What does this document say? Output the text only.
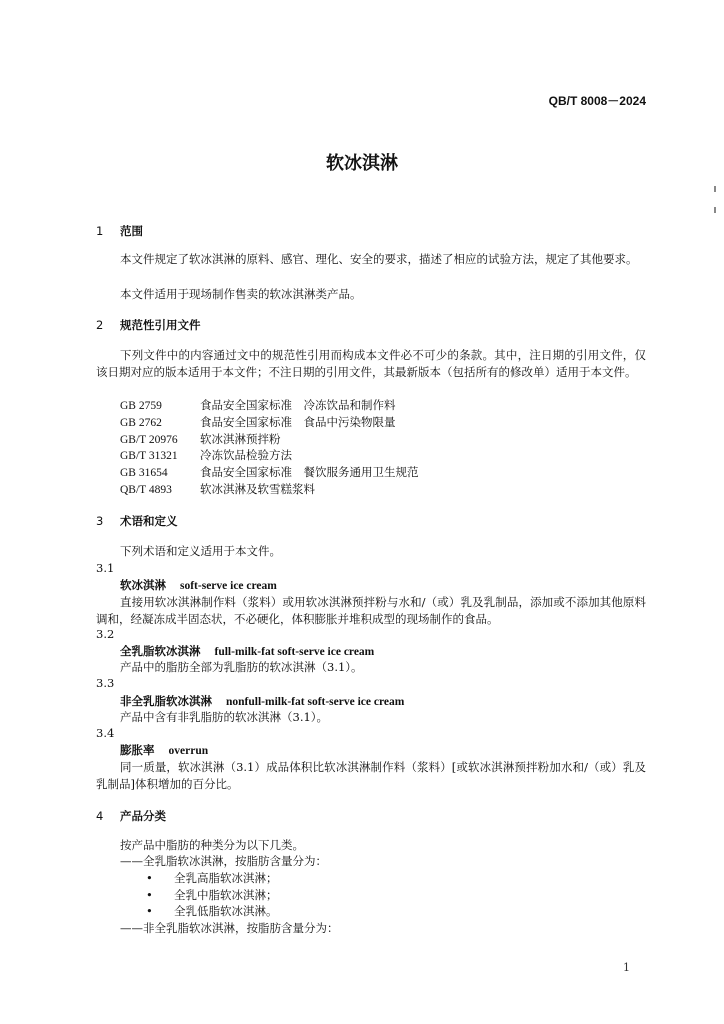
QB/T 8008－2024
软冰淇淋
1 范围

本文件规定了软冰淇淋的原料、感官、理化、安全的要求，描述了相应的试验方法，规定了其他要求。

本文件适用于现场制作售卖的软冰淇淋类产品。

2 规范性引用文件

下列文件中的内容通过文中的规范性引用而构成本文件必不可少的条款。其中，注日期的引用文件，仅该日期对应的版本适用于本文件；不注日期的引用文件，其最新版本（包括所有的修改单）适用于本文件。

GB 2759	食品安全国家标准　冷冻饮品和制作料
GB 2762	食品安全国家标准　食品中污染物限量
GB/T 20976 软冰淇淋预拌粉
GB/T 31321 冷冻饮品检验方法
GB 31654	食品安全国家标准　餐饮服务通用卫生规范
QB/T 4893 软冰淇淋及软雪糕浆料
3 术语和定义
下列术语和定义适用于本文件。
3.1
软冰淇淋 soft-serve ice cream

直接用软冰淇淋制作料（浆料）或用软冰淇淋预拌粉与水和/（或）乳及乳制品，添加或不添加其他原料调和，经凝冻成半固态状，不必硬化，体积膨胀并堆积成型的现场制作的食品。

3.2
全乳脂软冰淇淋 full-milk-fat soft-serve ice cream
产品中的脂肪全部为乳脂肪的软冰淇淋（3.1）。
3.3
非全乳脂软冰淇淋 nonfull-milk-fat soft-serve ice cream
产品中含有非乳脂肪的软冰淇淋（3.1）。
3.4
膨胀率 overrun

同一质量，软冰淇淋（3.1）成品体积比软冰淇淋制作料（浆料）[或软冰淇淋预拌粉加水和/（或）乳及乳制品]体积增加的百分比。

4 产品分类
按产品中脂肪的种类分为以下几类。
——全乳脂软冰淇淋，按脂肪含量分为：
• 全乳高脂软冰淇淋；
• 全乳中脂软冰淇淋；
• 全乳低脂软冰淇淋。
——非全乳脂软冰淇淋，按脂肪含量分为：
1
